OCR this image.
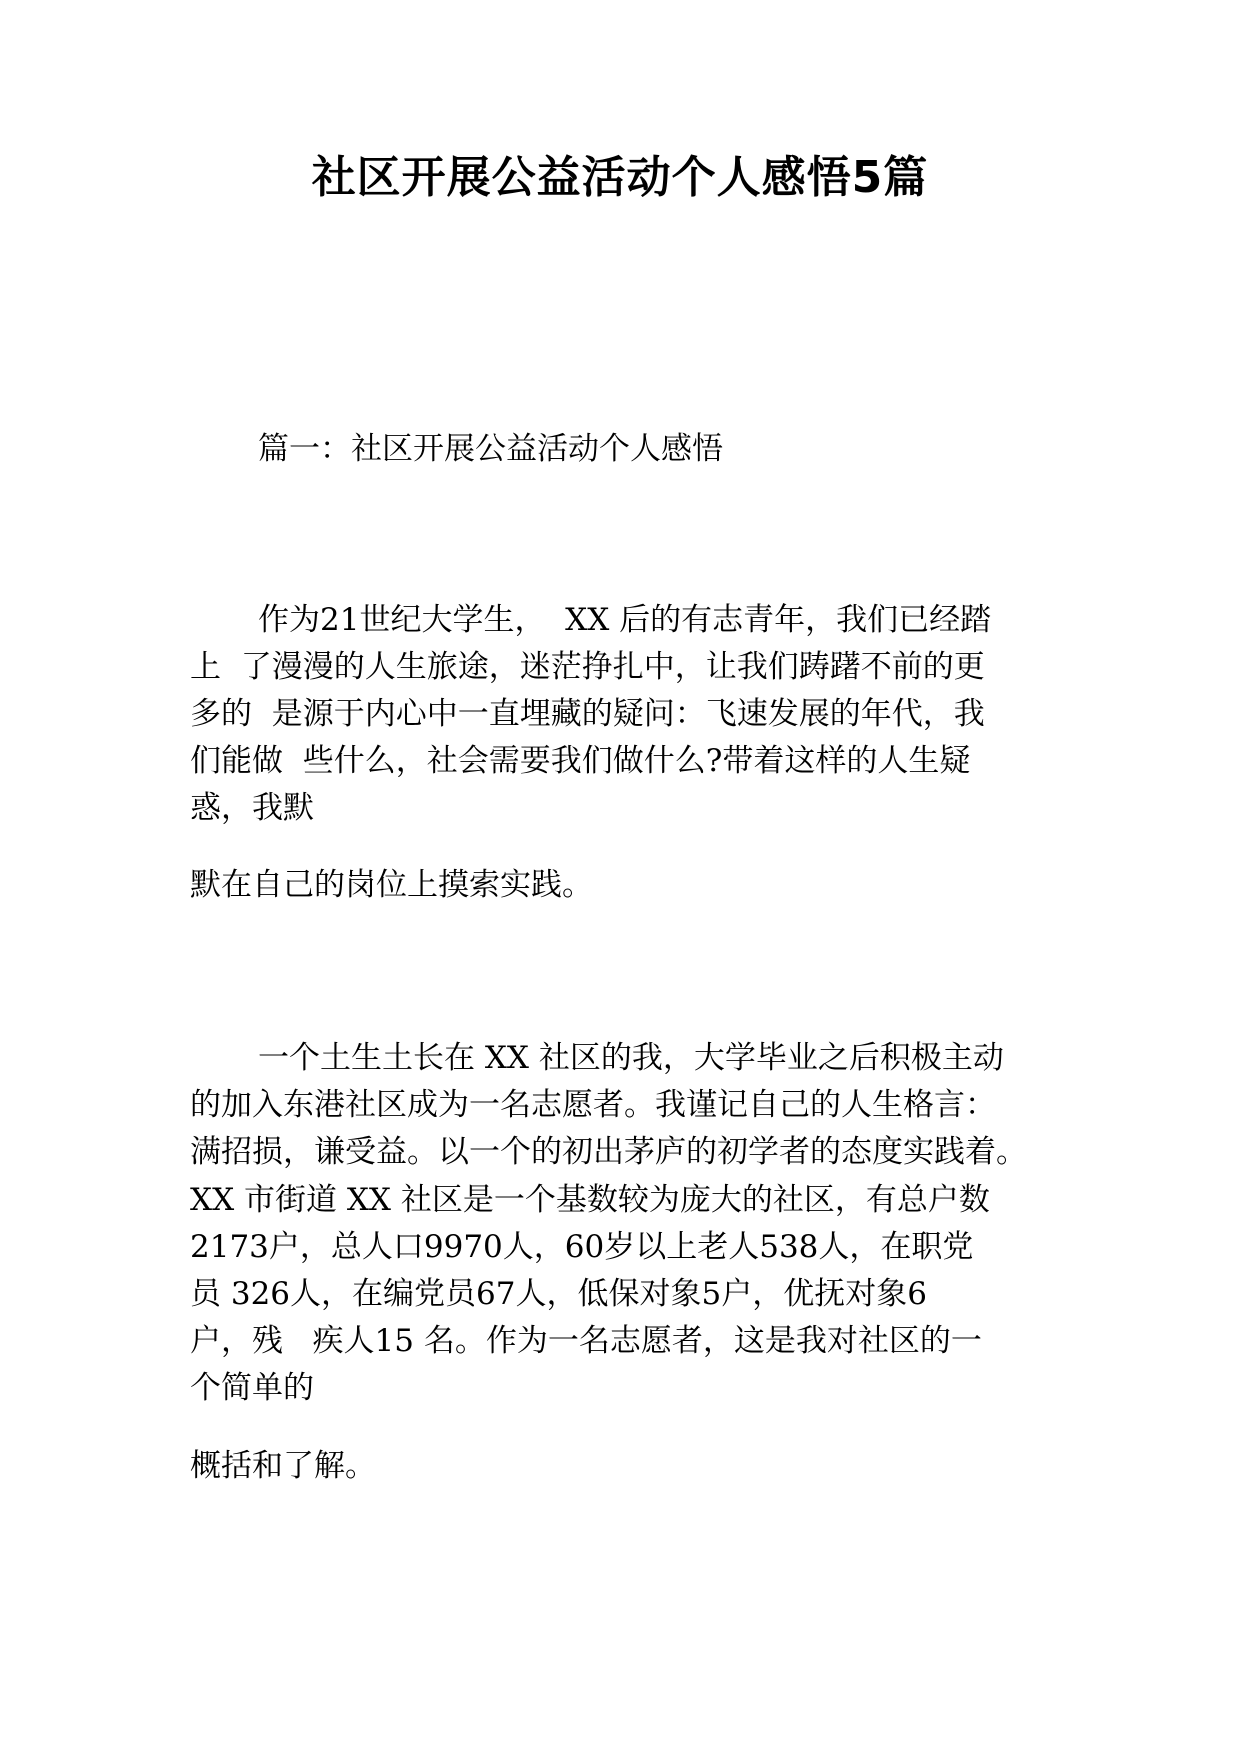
社区开展公益活动个人感悟5篇
篇一：社区开展公益活动个人感悟
作为21世纪大学生，  XX 后的有志青年，我们已经踏
上  了漫漫的人生旅途，迷茫挣扎中，让我们踌躇不前的更
多的  是源于内心中一直埋藏的疑问：飞速发展的年代，我
们能做  些什么，社会需要我们做什么?带着这样的人生疑
惑，我默
默在自己的岗位上摸索实践。
一个土生土长在 XX 社区的我，大学毕业之后积极主动
的加入东港社区成为一名志愿者。我谨记自己的人生格言：
满招损，谦受益。以一个的初出茅庐的初学者的态度实践着。
XX 市街道 XX 社区是一个基数较为庞大的社区，有总户数
2173户，总人口9970人，60岁以上老人538人，在职党
员 326人，在编党员67人，低保对象5户，优抚对象6
户，残   疾人15 名。作为一名志愿者，这是我对社区的一
个简单的
概括和了解。
